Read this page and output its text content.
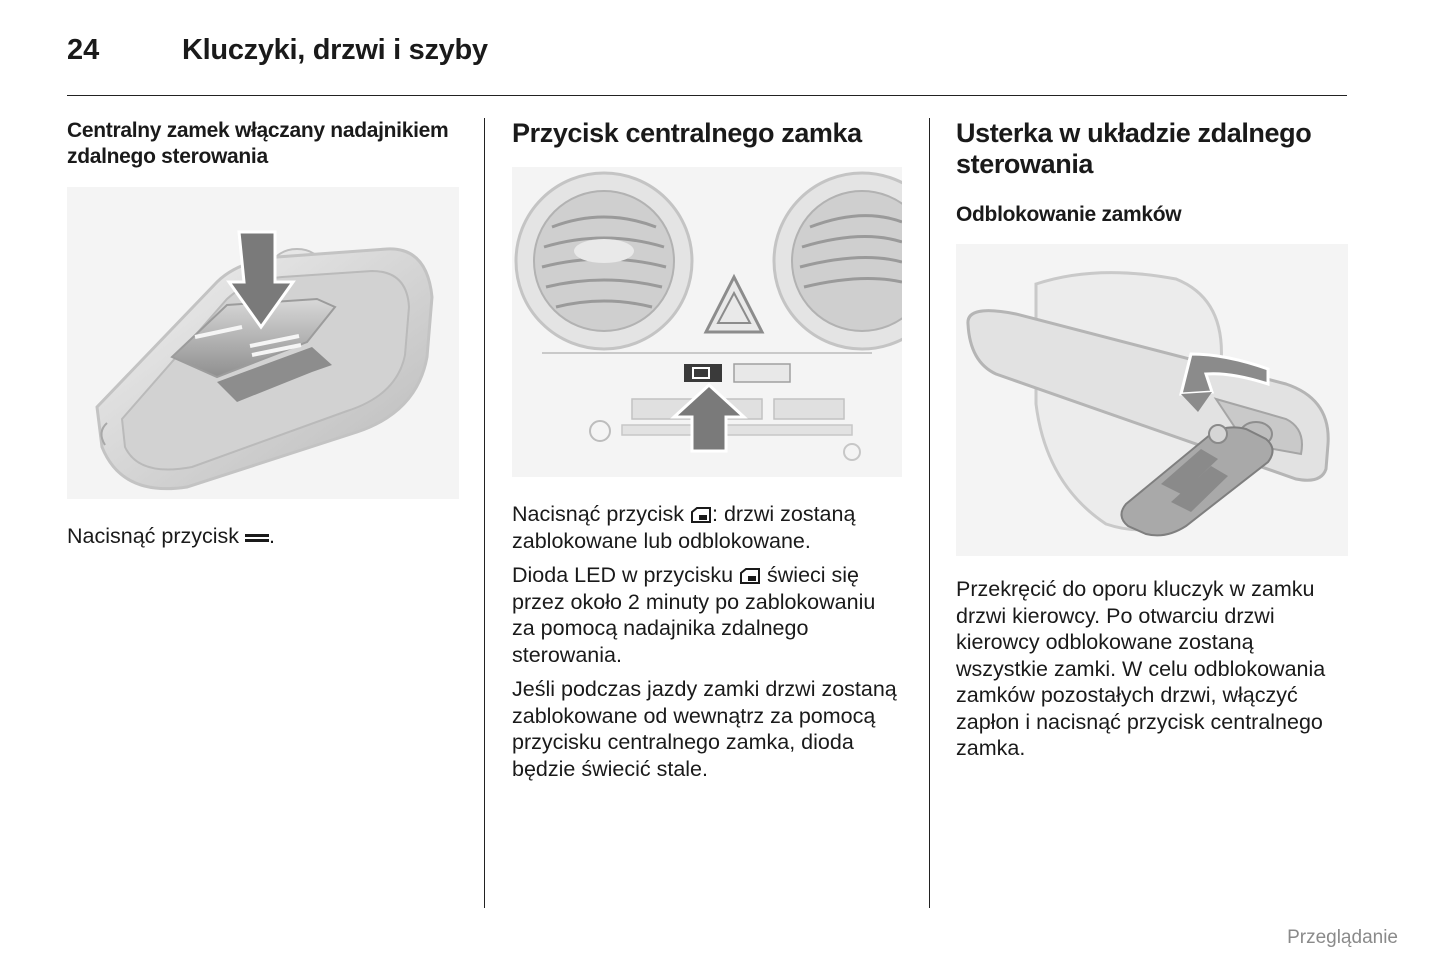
24	Kluczyki, drzwi i szyby
Centralny zamek włączany nadajnikiem zdalnego sterowania

Nacisnąć przycisk .

Przycisk centralnego zamka

Nacisnąć przycisk : drzwi zostaną zablokowane lub odblokowane.

Dioda LED w przycisku świeci się przez około 2 minuty po zablokowaniu za pomocą nadajnika zdalnego sterowania.

Jeśli podczas jazdy zamki drzwi zostaną zablokowane od wewnątrz za pomocą przycisku centralnego zamka, dioda będzie świecić stale.

Usterka w układzie zdalnego sterowania
Odblokowanie zamków

Przekręcić do oporu kluczyk w zamku drzwi kierowcy. Po otwarciu drzwi kierowcy odblokowane zostaną wszystkie zamki. W celu odblokowania zamków pozostałych drzwi, włączyć zapłon i nacisnąć przycisk centralnego zamka.

Przeglądanie
